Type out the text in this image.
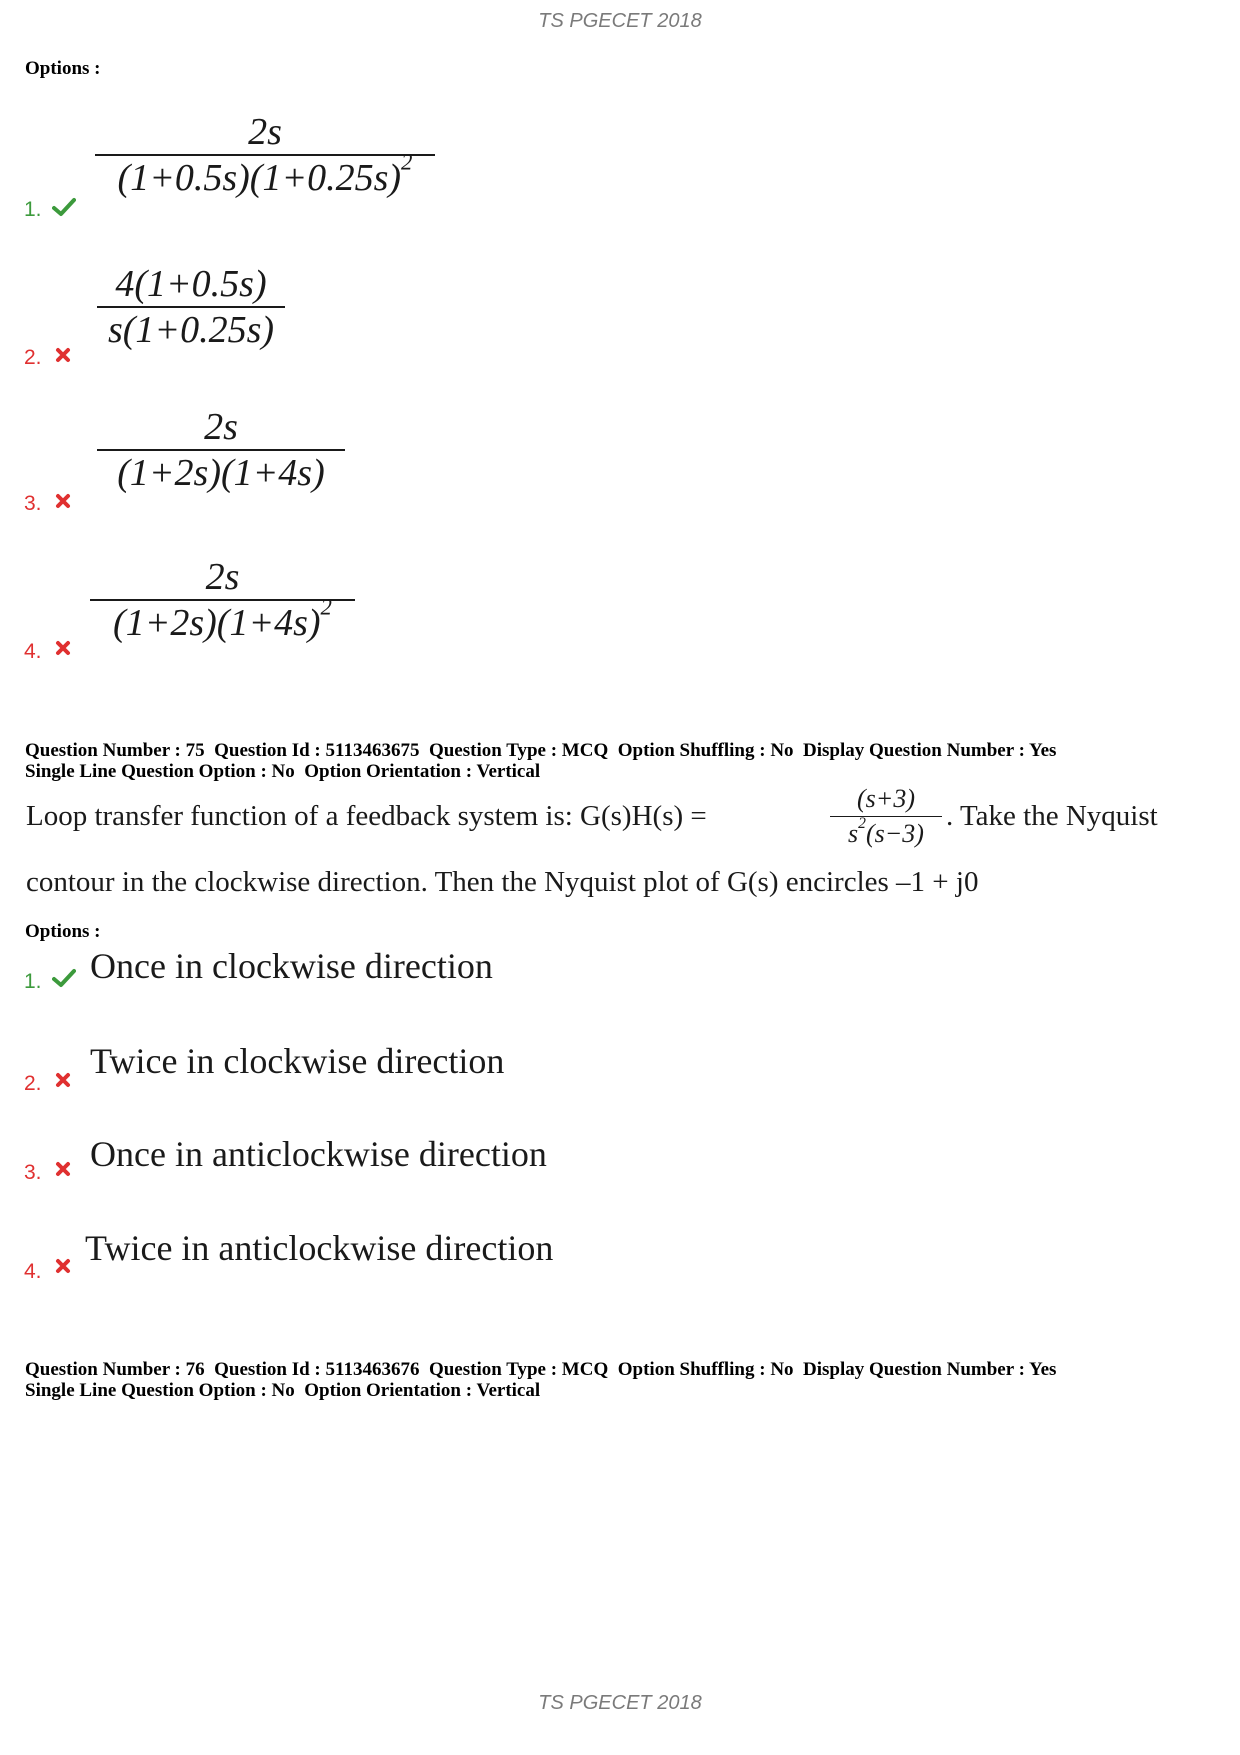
TS PGECET 2018
Options :
1.
2s
$(1+0.5s)(1+0.25s)^2$
2.
4(1+0.5s)
s(1+0.25s)
3.
2s
(1+2s)(1+4s)
4.
2s
$(1+2s)(1+4s)^2$
Question Number : 75  Question Id : 5113463675  Question Type : MCQ  Option Shuffling : No  Display Question Number : Yes
Single Line Question Option : No  Option Orientation : Vertical
Loop transfer function of a feedback system is: G(s)H(s) =
(s+3)
$s^2(s-3)$
. Take the Nyquist
contour in the clockwise direction. Then the Nyquist plot of G(s) encircles –1 + j0
Options :
1. Once in clockwise direction
2.
Twice in clockwise direction
3. Once in anticlockwise direction
4.
Twice in anticlockwise direction
Question Number : 76  Question Id : 5113463676  Question Type : MCQ  Option Shuffling : No  Display Question Number : Yes
Single Line Question Option : No  Option Orientation : Vertical
TS PGECET 2018
